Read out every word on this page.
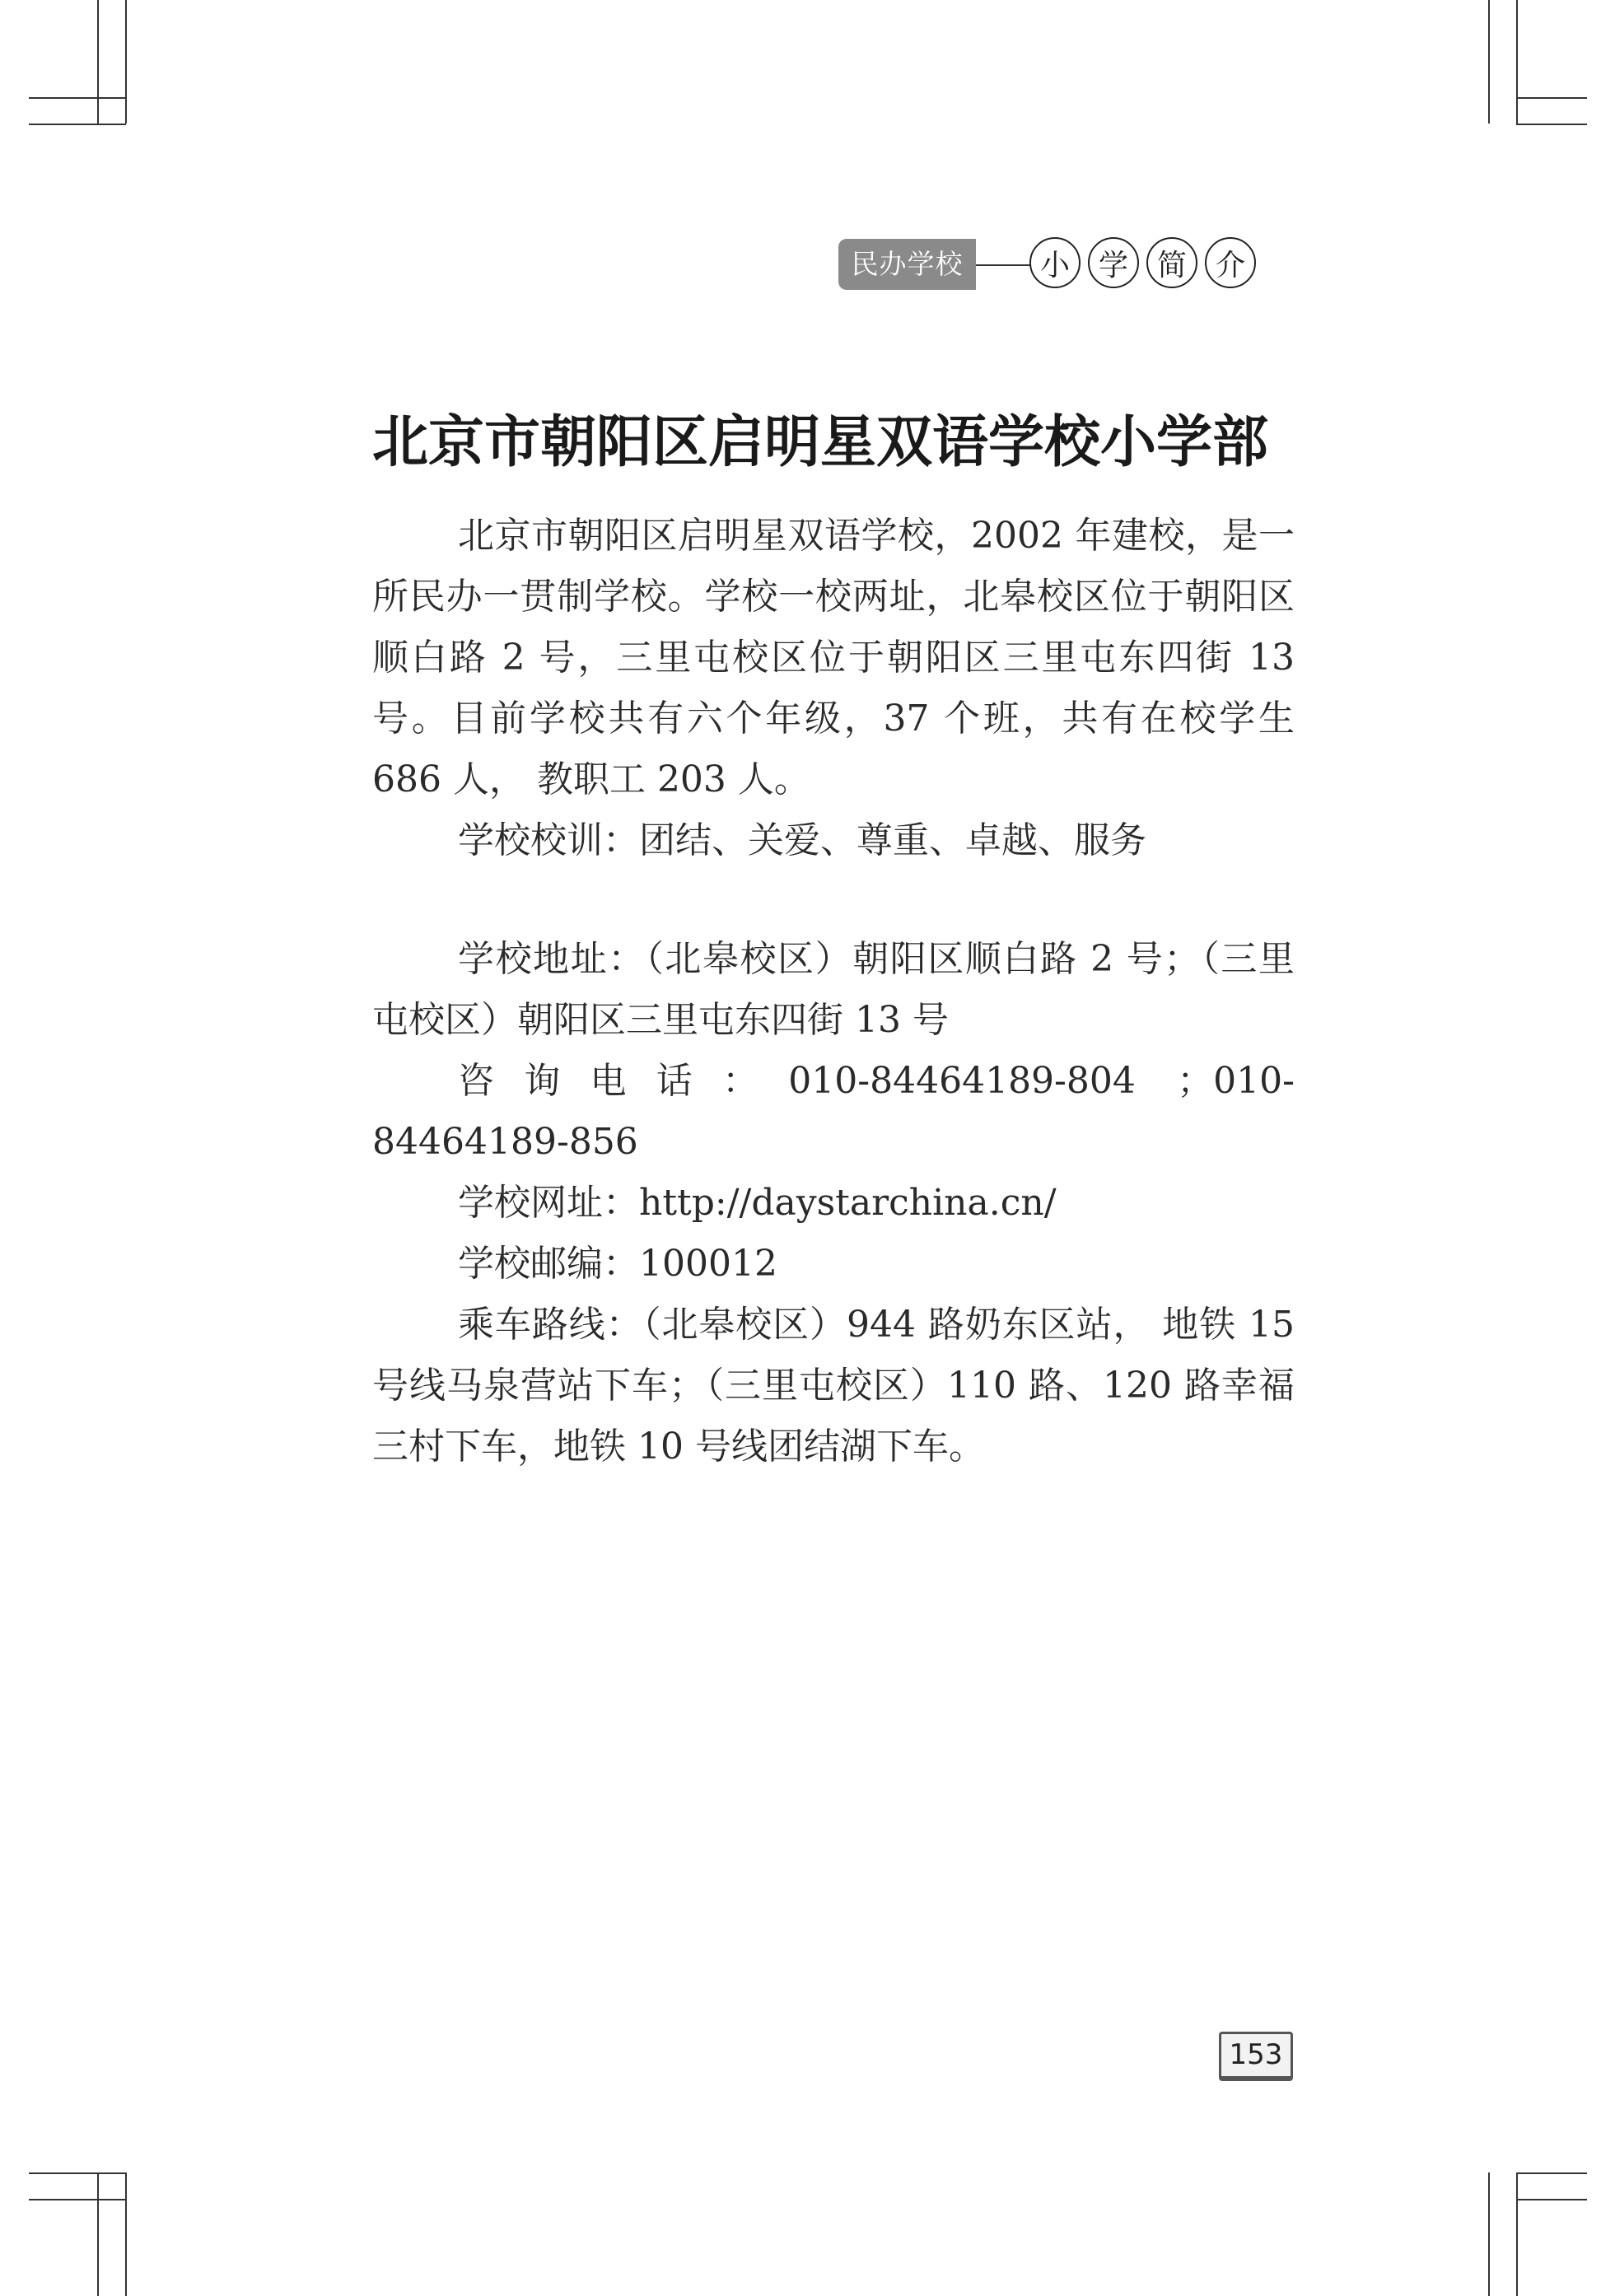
民办学校	小 学 简 介
北京市朝阳区启明星双语学校小学部

北京市朝阳区启明星双语学校，2002 年建校，是一所民办一贯制学校。学校一校两址，北皋校区位于朝阳区顺白路 2 号，三里屯校区位于朝阳区三里屯东四街 13 号。目前学校共有六个年级，37 个班，共有在校学生 686 人， 教职工 203 人。

学校校训：团结、关爱、尊重、卓越、服务

学校地址：（北皋校区）朝阳区顺白路 2 号；（三里屯校区）朝阳区三里屯东四街 13 号

咨询电话：010-84464189-804 ；010-84464189-856

学校网址：http://daystarchina.cn/

学校邮编：100012

乘车路线：（北皋校区）944 路奶东区站， 地铁 15 号线马泉营站下车；（三里屯校区）110 路、120 路幸福三村下车，地铁 10 号线团结湖下车。

153
